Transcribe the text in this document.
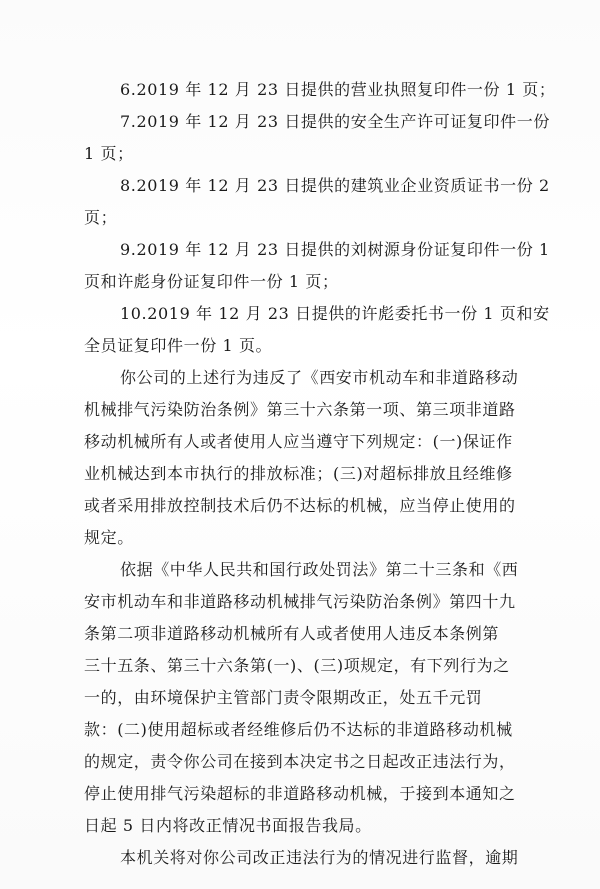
6.2019 年 12 月 23 日提供的营业执照复印件一份 1 页；
7.2019 年 12 月 23 日提供的安全生产许可证复印件一份
1 页；
8.2019 年 12 月 23 日提供的建筑业企业资质证书一份 2
页；
9.2019 年 12 月 23 日提供的刘树源身份证复印件一份 1
页和许彪身份证复印件一份 1 页；
10.2019 年 12 月 23 日提供的许彪委托书一份 1 页和安
全员证复印件一份 1 页。
你公司的上述行为违反了《西安市机动车和非道路移动
机械排气污染防治条例》第三十六条第一项、第三项非道路
移动机械所有人或者使用人应当遵守下列规定：(一)保证作
业机械达到本市执行的排放标准；(三)对超标排放且经维修
或者采用排放控制技术后仍不达标的机械，应当停止使用的
规定。
依据《中华人民共和国行政处罚法》第二十三条和《西
安市机动车和非道路移动机械排气污染防治条例》第四十九
条第二项非道路移动机械所有人或者使用人违反本条例第
三十五条、第三十六条第(一)、(三)项规定，有下列行为之
一的，由环境保护主管部门责令限期改正，处五千元罚
款：(二)使用超标或者经维修后仍不达标的非道路移动机械
的规定，责令你公司在接到本决定书之日起改正违法行为，
停止使用排气污染超标的非道路移动机械，于接到本通知之
日起 5 日内将改正情况书面报告我局。
本机关将对你公司改正违法行为的情况进行监督，逾期
